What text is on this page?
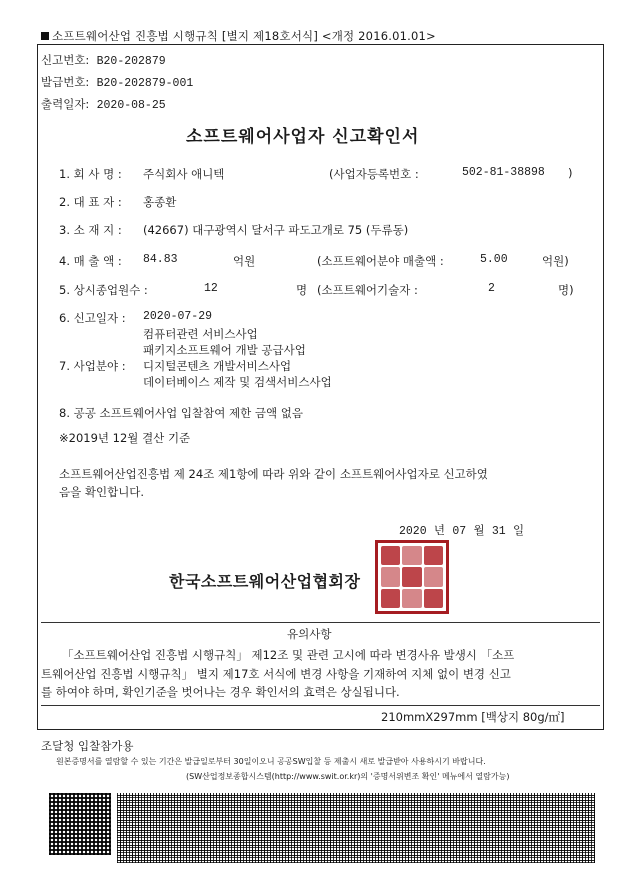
소프트웨어산업 진흥법 시행규칙 [별지 제18호서식] <개정 2016.01.01>
신고번호: B20-202879
발급번호: B20-202879-001
출력일자: 2020-08-25
소프트웨어사업자 신고확인서
1. 회 사 명 : 주식회사 애니텍	(사업자등록번호 :	502-81-38898 )
2. 대 표 자 : 홍종환
3. 소 재 지 : (42667) 대구광역시 달서구 파도고개로 75 (두류동)
4. 매 출 액 : 84.83	억원	(소프트웨어분야 매출액 :	5.00	억원)
5. 상시종업원수 :	12	명 (소프트웨어기술자 :	2	명)
6. 신고일자 : 2020-07-29
컴퓨터관련 서비스사업
패키지소프트웨어 개발 공급사업
7. 사업분야 : 디지털콘텐츠 개발서비스사업
데이터베이스 제작 및 검색서비스사업
8. 공공 소프트웨어사업 입찰참여 제한 금액 없음
※2019년 12월 결산 기준
소프트웨어산업진흥법 제 24조 제1항에 따라 위와 같이 소프트웨어사업자로 신고하였
음을 확인합니다.
2020 년 07 월 31 일
한국소프트웨어산업협회장
유의사항
「소프트웨어산업 진흥법 시행규칙」 제12조 및 관련 고시에 따라 변경사유 발생시 「소프
트웨어산업 진흥법 시행규칙」 별지 제17호 서식에 변경 사항을 기재하여 지체 없이 변경 신고
를 하여야 하며, 확인기준을 벗어나는 경우 확인서의 효력은 상실됩니다.
210mmX297mm [백상지 80g/㎡]
조달청 입찰참가용
원본증명서를 열람할 수 있는 기간은 발급일로부터 30일이오니 공공SW입찰 등 제출시 새로 발급받아 사용하시기 바랍니다.
(SW산업정보종합시스템(http://www.swit.or.kr)의 '증명서위변조 확인' 메뉴에서 열람가능)
